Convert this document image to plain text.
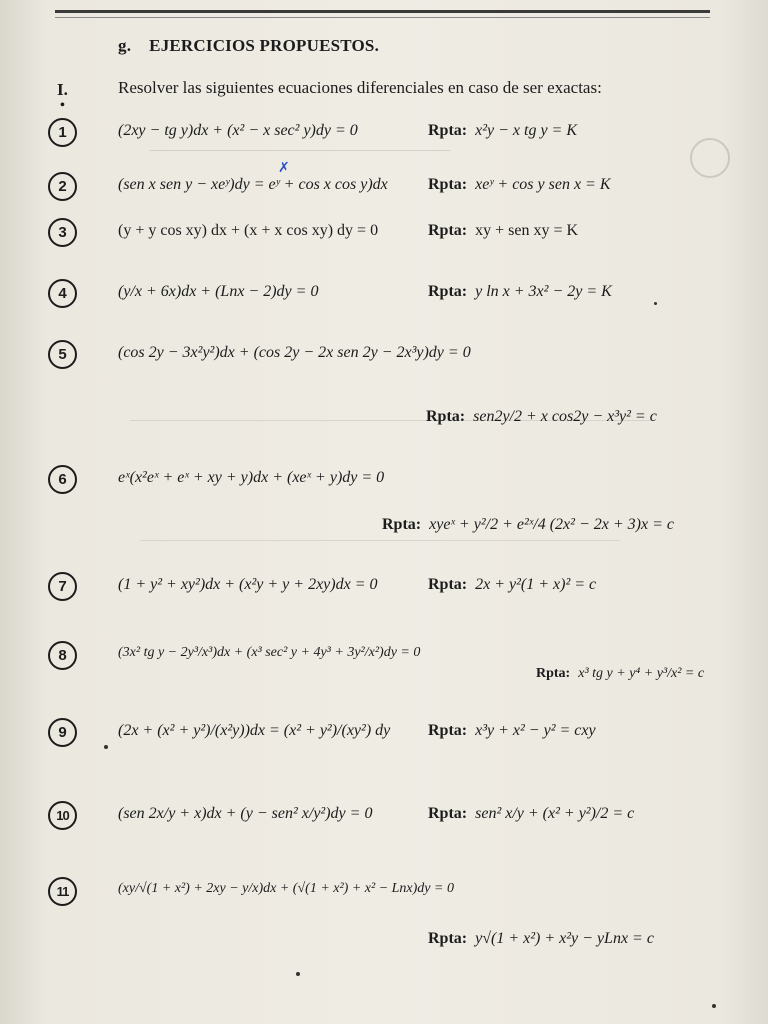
g. EJERCICIOS PROPUESTOS.
I.
•
Resolver las siguientes ecuaciones diferenciales en caso de ser exactas:
1	(2xy − tg y)dx + (x² − x sec² y)dy = 0	Rpta: x²y − x tg y = K
2	(sen x sen y − xeʸ)dy = eʸ + cos x cos y)dx
✗
Rpta: xeʸ + cos y sen x = K
3	(y + y cos xy) dx + (x + x cos xy) dy = 0	Rpta: xy + sen xy = K
4	(y/x + 6x)dx + (Lnx − 2)dy = 0	Rpta: y ln x + 3x² − 2y = K
5	(cos 2y − 3x²y²)dx + (cos 2y − 2x sen 2y − 2x³y)dy = 0
Rpta: sen2y/2 + x cos2y − x³y² = c
6	eˣ(x²eˣ + eˣ + xy + y)dx + (xeˣ + y)dy = 0
Rpta: xyeˣ + y²/2 + e²ˣ/4 (2x² − 2x + 3)x = c
7	(1 + y² + xy²)dx + (x²y + y + 2xy)dx = 0	Rpta: 2x + y²(1 + x)² = c
8	(3x² tg y − 2y³/x³)dx + (x³ sec² y + 4y³ + 3y²/x²)dy = 0
Rpta: x³ tg y + y⁴ + y³/x² = c
9	(2x + (x² + y²)/(x²y))dx = (x² + y²)/(xy²) dy Rpta: x³y + x² − y² = cxy
10	(sen 2x/y + x)dx + (y − sen² x/y²)dy = 0	Rpta: sen² x/y + (x² + y²)/2 = c
11	(xy/√(1 + x²) + 2xy − y/x)dx + (√(1 + x²) + x² − Lnx)dy = 0
Rpta: y√(1 + x²) + x²y − yLnx = c
